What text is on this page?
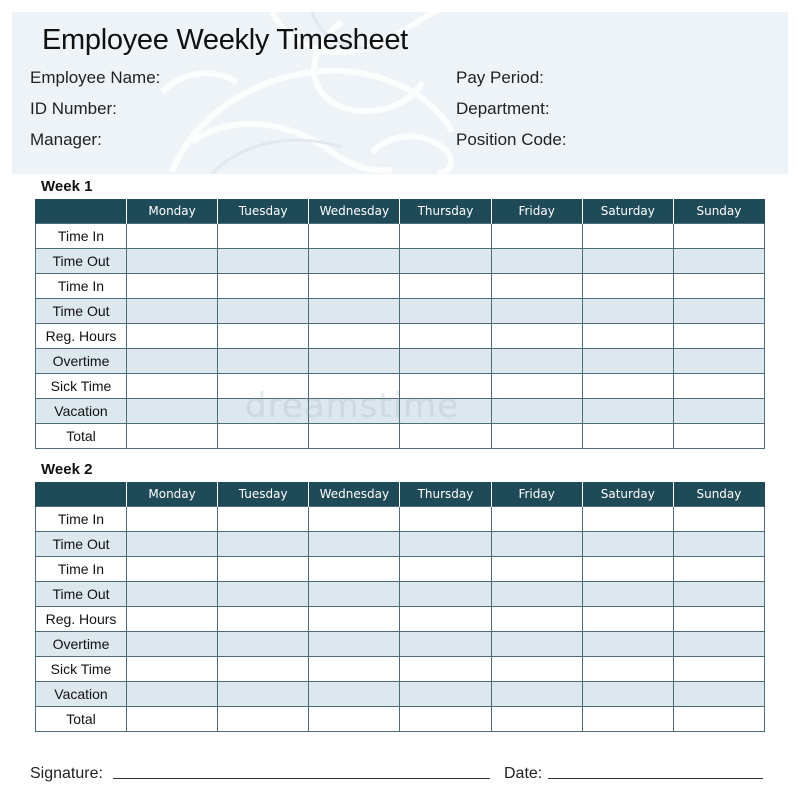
Employee Weekly Timesheet
Employee Name:
ID Number:
Manager:
Pay Period:
Department:
Position Code:
Week 1
	Monday	Tuesday	Wednesday	Thursday	Friday	Saturday	Sunday
Time In							
Time Out							
Time In							
Time Out							
Reg. Hours							
Overtime							
Sick Time							
Vacation							
Total							
dreamstime
Week 2
	Monday	Tuesday	Wednesday	Thursday	Friday	Saturday	Sunday
Time In							
Time Out							
Time In							
Time Out							
Reg. Hours							
Overtime							
Sick Time							
Vacation							
Total							
Signature:	Date:
